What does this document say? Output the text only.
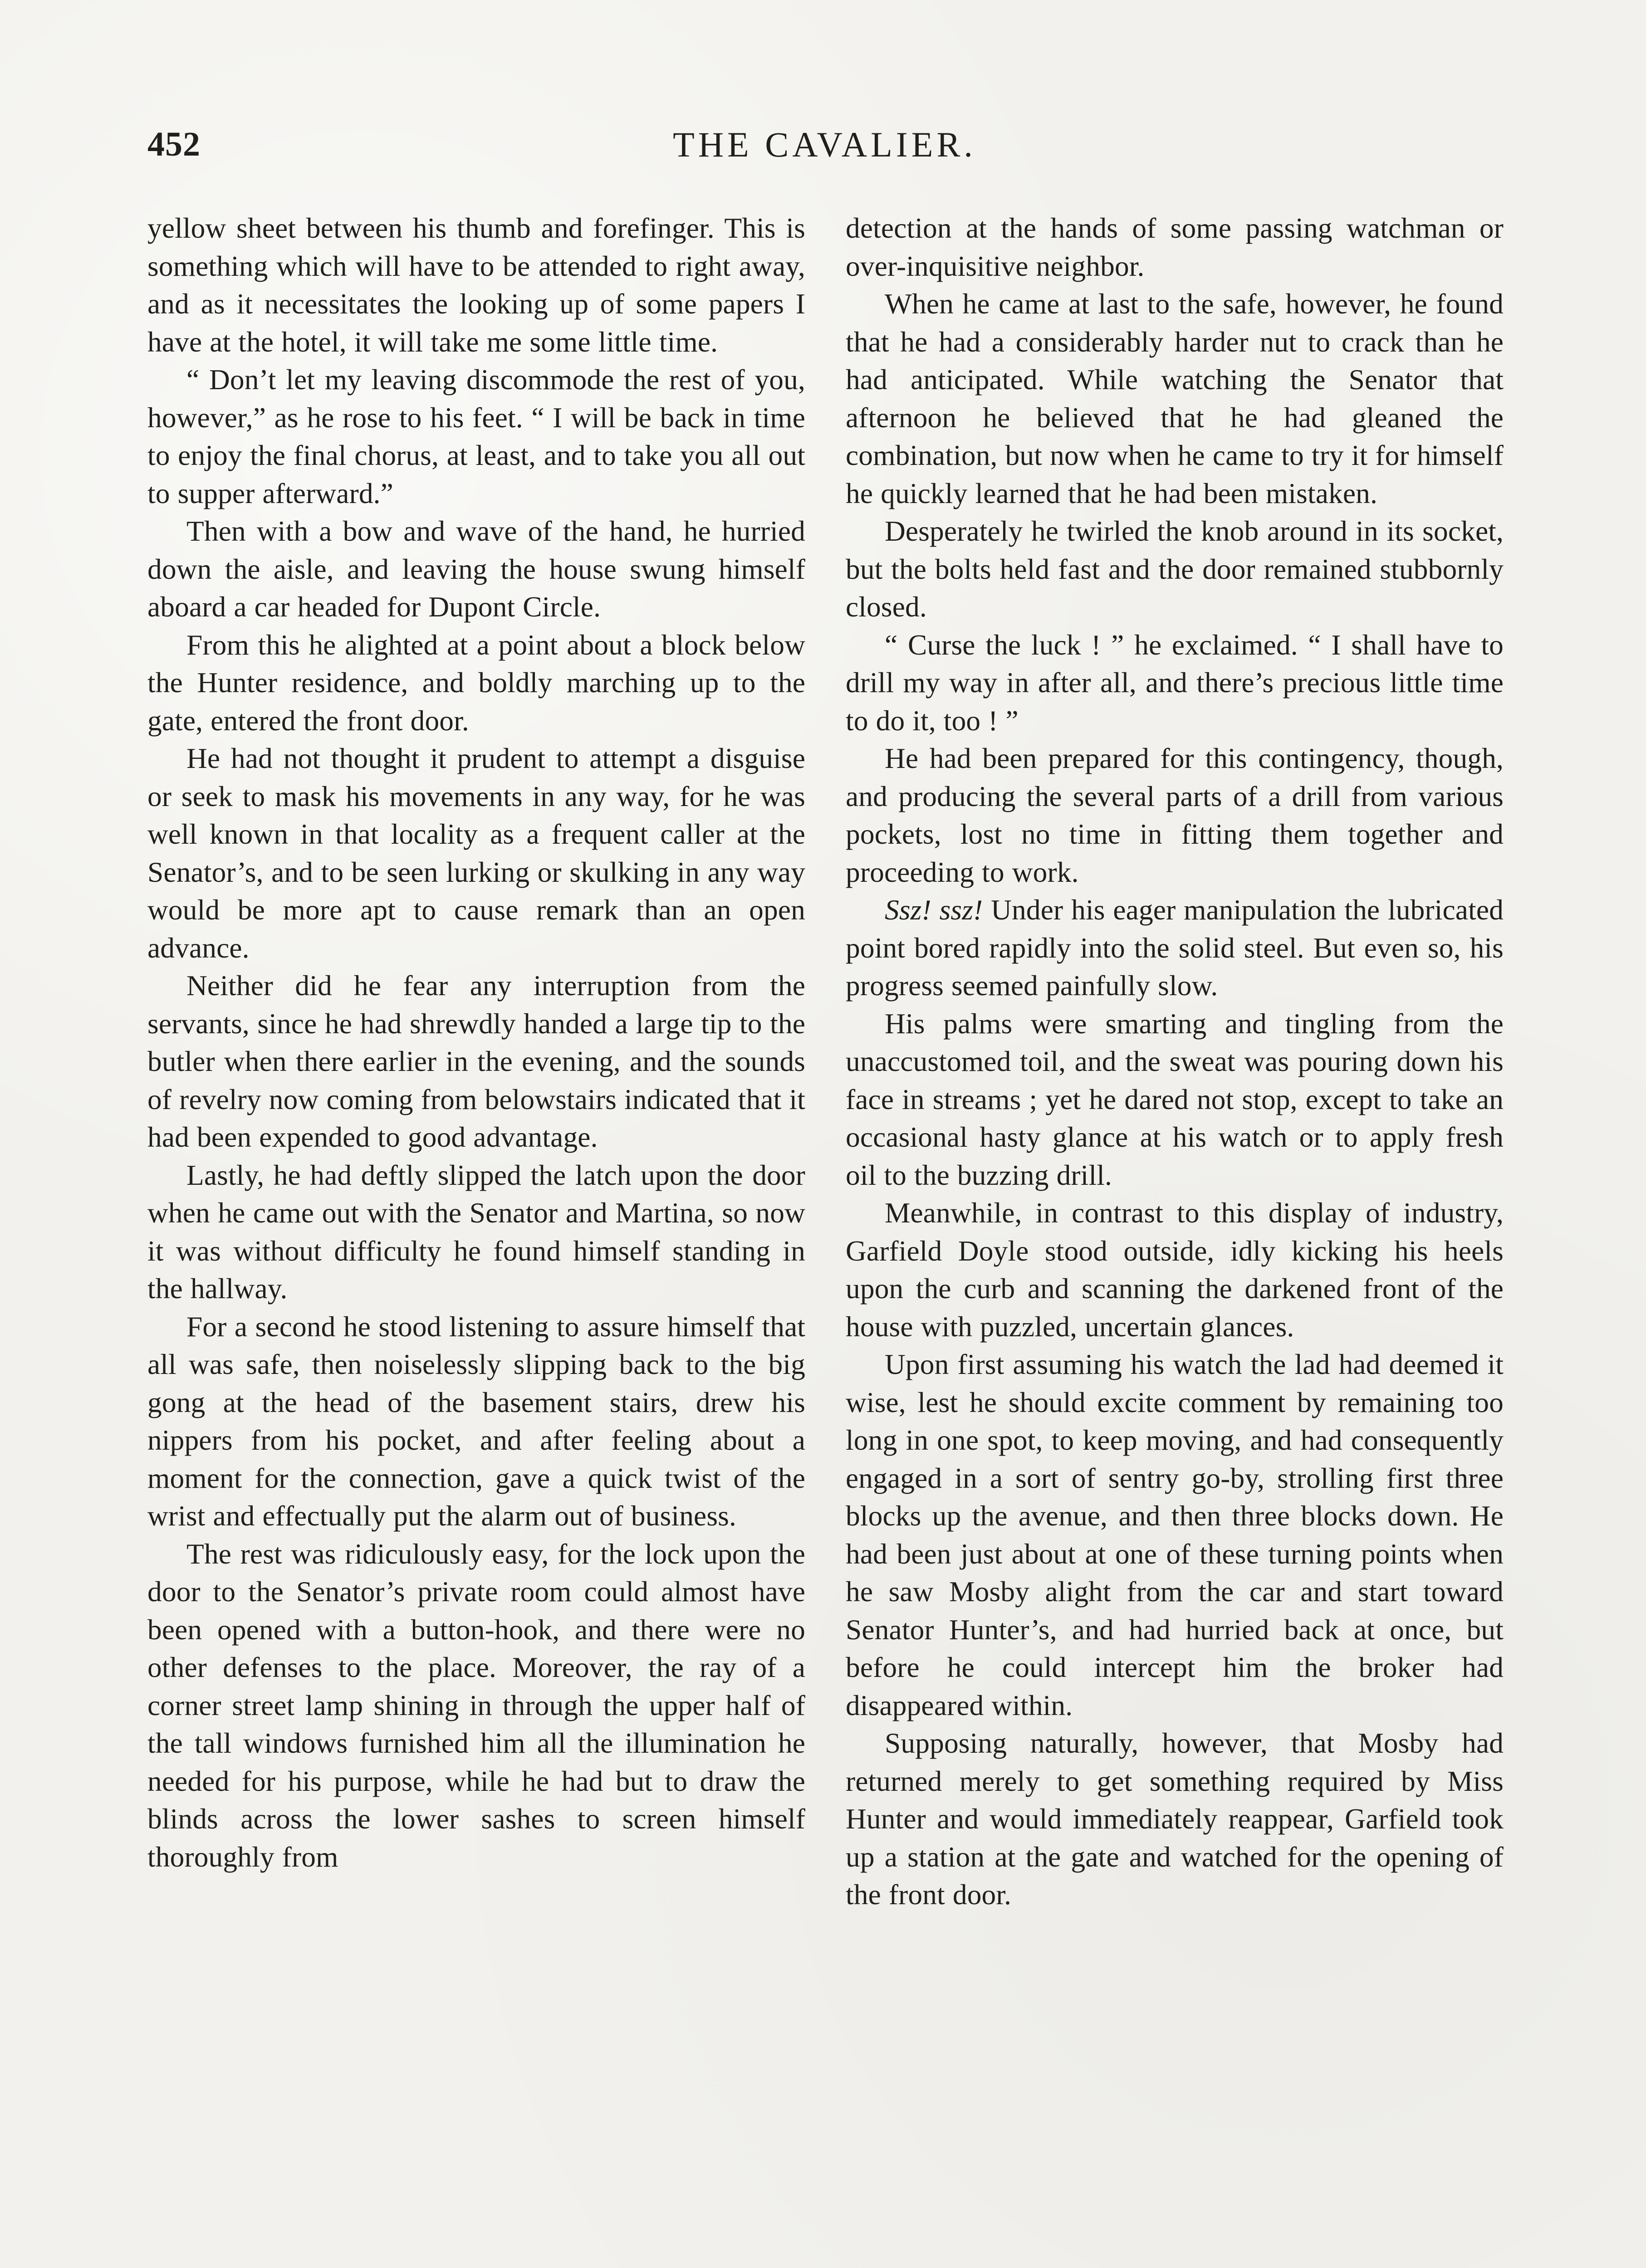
452	THE CAVALIER.

yellow sheet between his thumb and forefinger. This is something which will have to be attended to right away, and as it necessitates the looking up of some papers I have at the hotel, it will take me some little time.

“ Don’t let my leaving discommode the rest of you, however,” as he rose to his feet. “ I will be back in time to enjoy the final chorus, at least, and to take you all out to supper afterward.”

Then with a bow and wave of the hand, he hurried down the aisle, and leaving the house swung himself aboard a car headed for Dupont Circle.

From this he alighted at a point about a block below the Hunter residence, and boldly marching up to the gate, entered the front door.

He had not thought it prudent to attempt a disguise or seek to mask his movements in any way, for he was well known in that locality as a frequent caller at the Senator’s, and to be seen lurking or skulking in any way would be more apt to cause remark than an open advance.

Neither did he fear any interruption from the servants, since he had shrewdly handed a large tip to the butler when there earlier in the evening, and the sounds of revelry now coming from belowstairs indicated that it had been expended to good advantage.

Lastly, he had deftly slipped the latch upon the door when he came out with the Senator and Martina, so now it was without difficulty he found himself standing in the hallway.

For a second he stood listening to assure himself that all was safe, then noiselessly slipping back to the big gong at the head of the basement stairs, drew his nippers from his pocket, and after feeling about a moment for the connection, gave a quick twist of the wrist and effectually put the alarm out of business.

The rest was ridiculously easy, for the lock upon the door to the Senator’s private room could almost have been opened with a button-hook, and there were no other defenses to the place. Moreover, the ray of a corner street lamp shining in through the upper half of the tall windows furnished him all the illumination he needed for his purpose, while he had but to draw the blinds across the lower sashes to screen himself thoroughly from

detection at the hands of some passing watchman or over-inquisitive neighbor.

When he came at last to the safe, however, he found that he had a considerably harder nut to crack than he had anticipated. While watching the Senator that afternoon he believed that he had gleaned the combination, but now when he came to try it for himself he quickly learned that he had been mistaken.

Desperately he twirled the knob around in its socket, but the bolts held fast and the door remained stubbornly closed.

“ Curse the luck ! ” he exclaimed. “ I shall have to drill my way in after all, and there’s precious little time to do it, too ! ”

He had been prepared for this contingency, though, and producing the several parts of a drill from various pockets, lost no time in fitting them together and proceeding to work.

Ssz! ssz! Under his eager manipulation the lubricated point bored rapidly into the solid steel. But even so, his progress seemed painfully slow.

His palms were smarting and tingling from the unaccustomed toil, and the sweat was pouring down his face in streams ; yet he dared not stop, except to take an occasional hasty glance at his watch or to apply fresh oil to the buzzing drill.

Meanwhile, in contrast to this display of industry, Garfield Doyle stood outside, idly kicking his heels upon the curb and scanning the darkened front of the house with puzzled, uncertain glances.

Upon first assuming his watch the lad had deemed it wise, lest he should excite comment by remaining too long in one spot, to keep moving, and had consequently engaged in a sort of sentry go-by, strolling first three blocks up the avenue, and then three blocks down. He had been just about at one of these turning points when he saw Mosby alight from the car and start toward Senator Hunter’s, and had hurried back at once, but before he could intercept him the broker had disappeared within.

Supposing naturally, however, that Mosby had returned merely to get something required by Miss Hunter and would immediately reappear, Garfield took up a station at the gate and watched for the opening of the front door.
